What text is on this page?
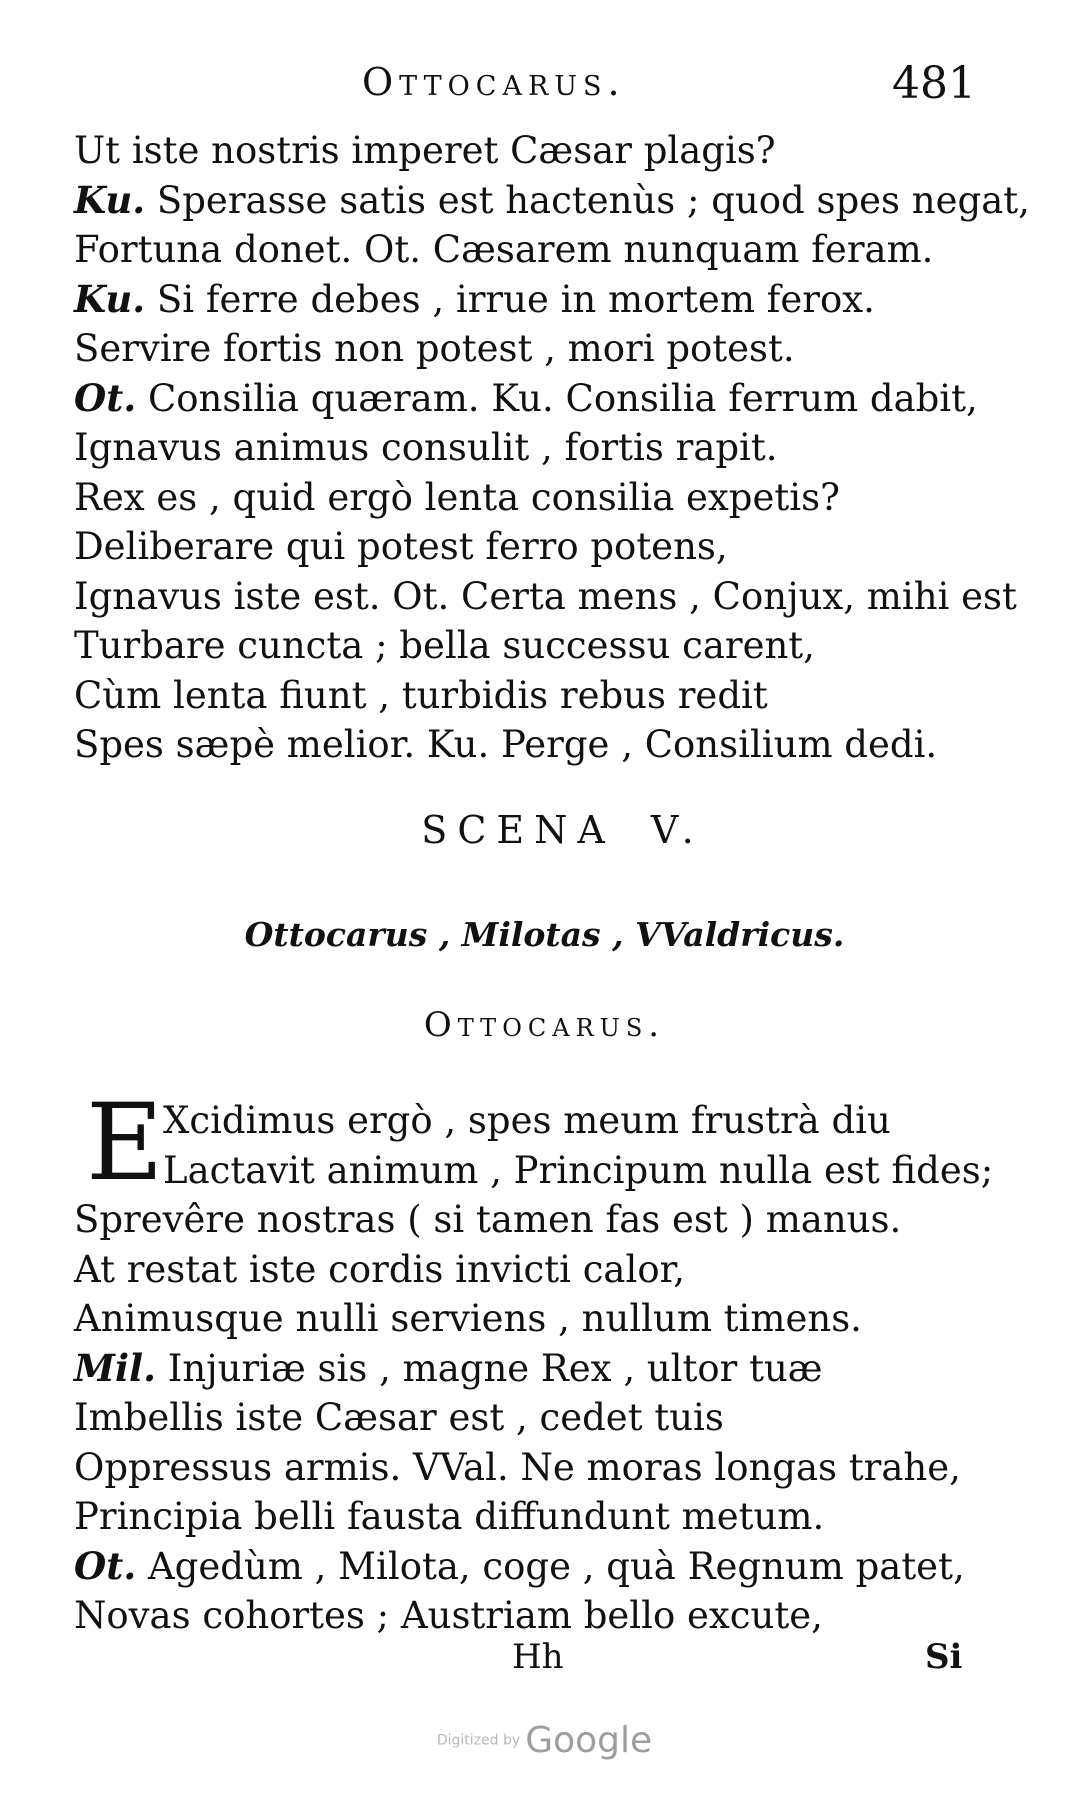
Ottocarus.	481
Ut iste nostris imperet Cæsar plagis?
Ku. Sperasse satis est hactenùs ; quod spes negat,
Fortuna donet. Ot. Cæsarem nunquam feram.
Ku. Si ferre debes , irrue in mortem ferox.
Servire fortis non potest , mori potest.
Ot. Consilia quæram. Ku. Consilia ferrum dabit,
Ignavus animus consulit , fortis rapit.
Rex es , quid ergò lenta consilia expetis?
Deliberare qui potest ferro potens,
Ignavus iste est. Ot. Certa mens , Conjux, mihi est
Turbare cuncta ; bella successu carent,
Cùm lenta fiunt , turbidis rebus redit
Spes sæpè melior. Ku. Perge , Consilium dedi.
SCENA V.
Ottocarus , Milotas , VValdricus.
Ottocarus.
E Xcidimus ergò , spes meum frustrà diu
Lactavit animum , Principum nulla est fides;
Sprevêre nostras ( si tamen fas est ) manus.
At restat iste cordis invicti calor,
Animusque nulli serviens , nullum timens.
Mil. Injuriæ sis , magne Rex , ultor tuæ
Imbellis iste Cæsar est , cedet tuis
Oppressus armis. VVal. Ne moras longas trahe,
Principia belli fausta diffundunt metum.
Ot. Agedùm , Milota, coge , quà Regnum patet,
Novas cohortes ; Austriam bello excute,
Hh	Si
Digitized by Google
